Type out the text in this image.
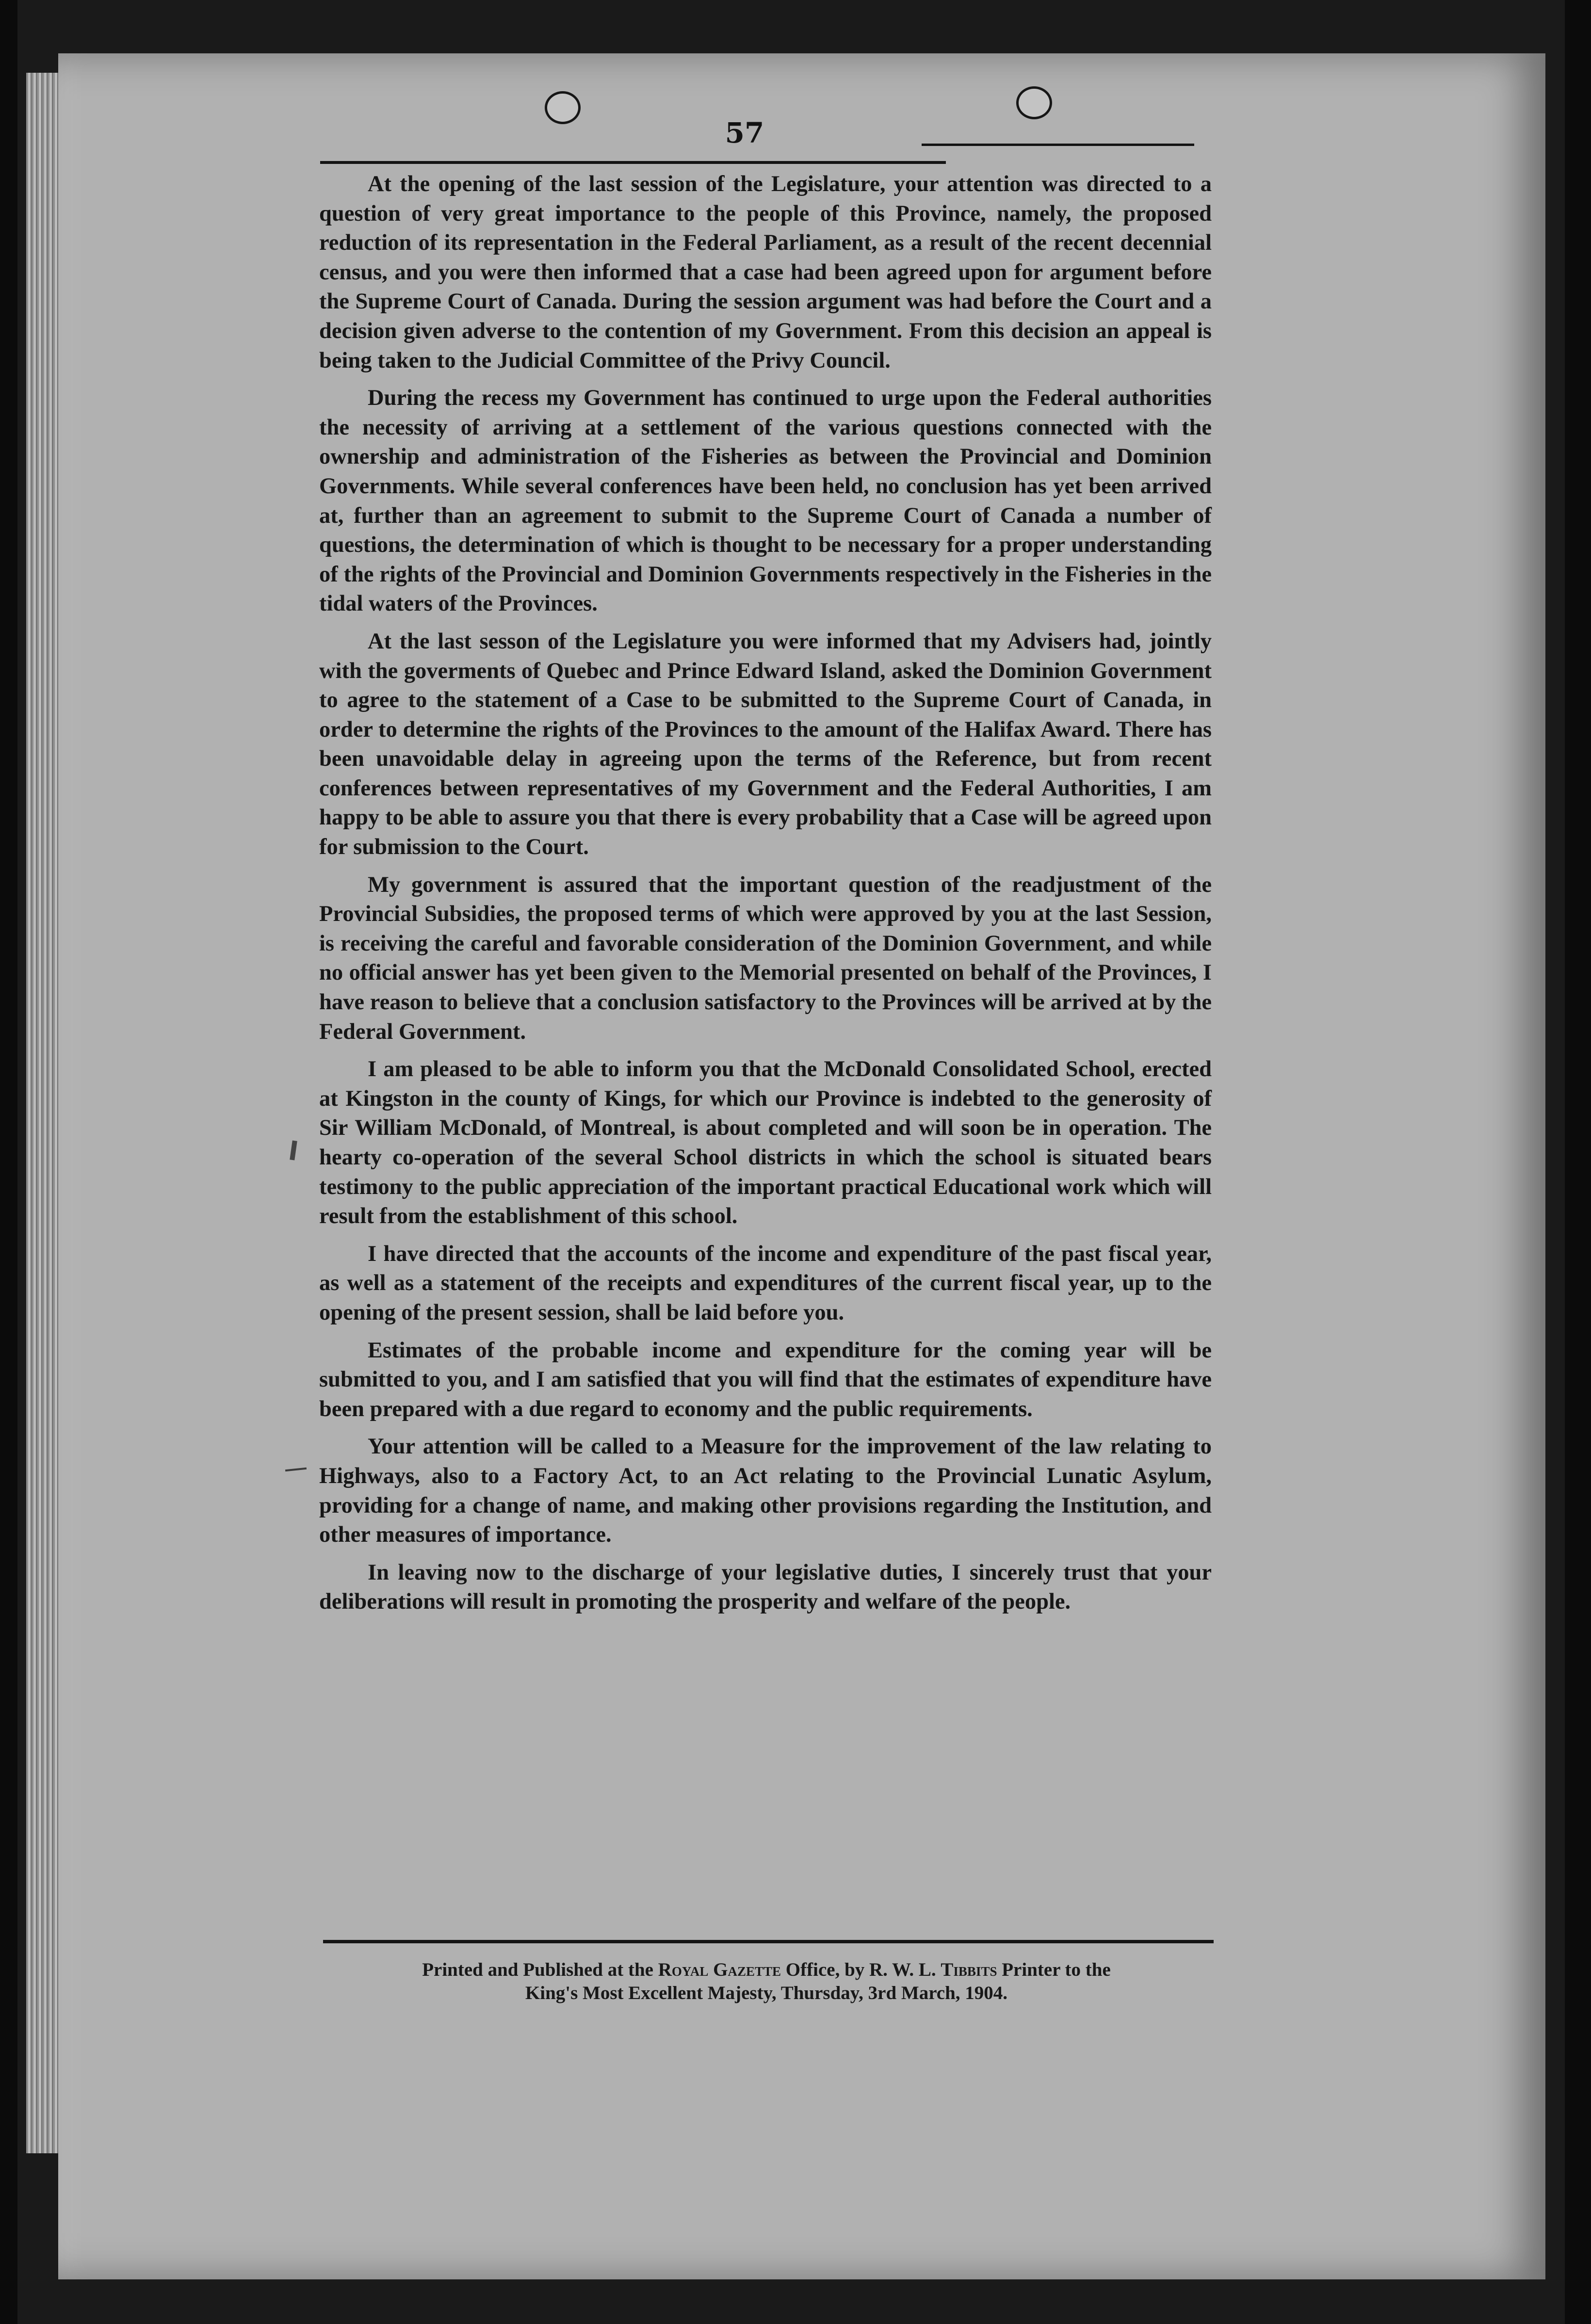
57

At the opening of the last session of the Legislature, your attention was directed to a question of very great importance to the people of this Province, namely, the proposed reduction of its representation in the Federal Parliament, as a result of the recent decennial census, and you were then informed that a case had been agreed upon for argument before the Supreme Court of Canada. During the session argument was had before the Court and a decision given adverse to the contention of my Government. From this decision an appeal is being taken to the Judicial Committee of the Privy Council.

During the recess my Government has continued to urge upon the Federal authorities the necessity of arriving at a settlement of the various questions connected with the ownership and administration of the Fisheries as between the Provincial and Dominion Governments. While several conferences have been held, no conclusion has yet been arrived at, further than an agreement to submit to the Supreme Court of Canada a number of questions, the determination of which is thought to be necessary for a proper understanding of the rights of the Provincial and Dominion Governments respectively in the Fisheries in the tidal waters of the Provinces.

At the last sesson of the Legislature you were informed that my Advisers had, jointly with the goverments of Quebec and Prince Edward Island, asked the Dominion Government to agree to the statement of a Case to be submitted to the Supreme Court of Canada, in order to determine the rights of the Provinces to the amount of the Halifax Award. There has been unavoidable delay in agreeing upon the terms of the Reference, but from recent conferences between representatives of my Government and the Federal Authorities, I am happy to be able to assure you that there is every probability that a Case will be agreed upon for submission to the Court.

My government is assured that the important question of the readjustment of the Provincial Subsidies, the proposed terms of which were approved by you at the last Session, is receiving the careful and favorable consideration of the Dominion Government, and while no official answer has yet been given to the Memorial presented on behalf of the Provinces, I have reason to believe that a conclusion satisfactory to the Provinces will be arrived at by the Federal Government.

I am pleased to be able to inform you that the McDonald Consolidated School, erected at Kingston in the county of Kings, for which our Province is indebted to the generosity of Sir William McDonald, of Montreal, is about completed and will soon be in operation. The hearty co-operation of the several School districts in which the school is situated bears testimony to the public appreciation of the important practical Educational work which will result from the establishment of this school.

I have directed that the accounts of the income and expenditure of the past fiscal year, as well as a statement of the receipts and expenditures of the current fiscal year, up to the opening of the present session, shall be laid before you.

Estimates of the probable income and expenditure for the coming year will be submitted to you, and I am satisfied that you will find that the estimates of expenditure have been prepared with a due regard to economy and the public requirements.

Your attention will be called to a Measure for the improvement of the law relating to Highways, also to a Factory Act, to an Act relating to the Provincial Lunatic Asylum, providing for a change of name, and making other provisions regarding the Institution, and other measures of importance.

In leaving now to the discharge of your legislative duties, I sincerely trust that your deliberations will result in promoting the prosperity and welfare of the people.

Printed and Published at the Royal Gazette Office, by R. W. L. Tibbits Printer to the
King's Most Excellent Majesty, Thursday, 3rd March, 1904.
